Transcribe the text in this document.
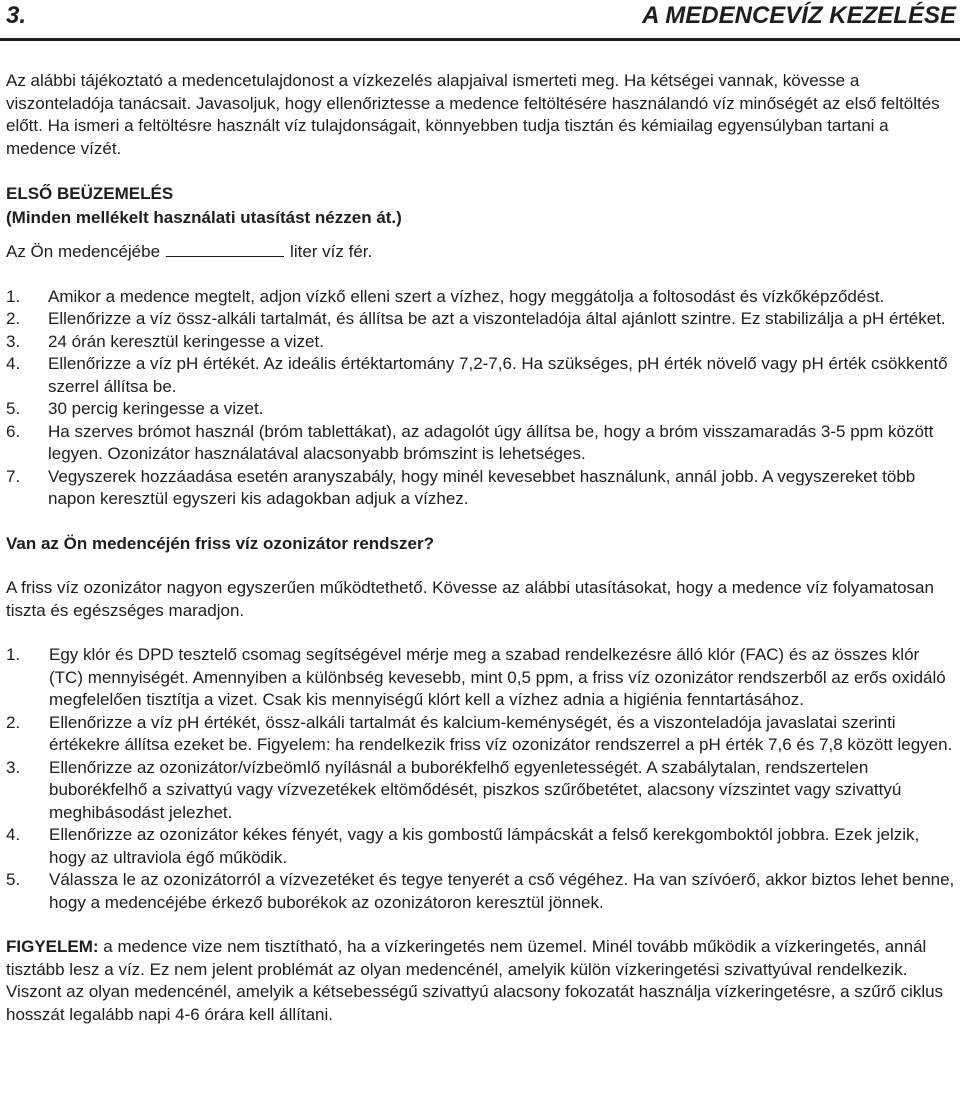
3.	A MEDENCEVÍZ KEZELÉSE

Az alábbi tájékoztató a medencetulajdonost a vízkezelés alapjaival ismerteti meg. Ha kétségei vannak, kövesse a viszonteladója tanácsait. Javasoljuk, hogy ellenőriztesse a medence feltöltésére használandó víz minőségét az első feltöltés előtt. Ha ismeri a feltöltésre használt víz tulajdonságait, könnyebben tudja tisztán és kémiailag egyensúlyban tartani a medence vízét.

ELSŐ BEÜZEMELÉS
(Minden mellékelt használati utasítást nézzen át.)

Az Ön medencéjébe	liter víz fér.

1. Amikor a medence megtelt, adjon vízkő elleni szert a vízhez, hogy meggátolja a foltosodást és vízkőképződést.
2. Ellenőrizze a víz össz-alkáli tartalmát, és állítsa be azt a viszonteladója által ajánlott szintre. Ez stabilizálja a pH értéket.
3. 24 órán keresztül keringesse a vizet.
4. Ellenőrizze a víz pH értékét. Az ideális értéktartomány 7,2-7,6. Ha szükséges, pH érték növelő vagy pH érték csökkentő szerrel állítsa be.
5. 30 percig keringesse a vizet.
6. Ha szerves brómot használ (bróm tablettákat), az adagolót úgy állítsa be, hogy a bróm visszamaradás 3-5 ppm között legyen. Ozonizátor használatával alacsonyabb brómszint is lehetséges.
7. Vegyszerek hozzáadása esetén aranyszabály, hogy minél kevesebbet használunk, annál jobb. A vegyszereket több napon keresztül egyszeri kis adagokban adjuk a vízhez.

Van az Ön medencéjén friss víz ozonizátor rendszer?

A friss víz ozonizátor nagyon egyszerűen működtethető. Kövesse az alábbi utasításokat, hogy a medence víz folyamatosan tiszta és egészséges maradjon.

1. Egy klór és DPD tesztelő csomag segítségével mérje meg a szabad rendelkezésre álló klór (FAC) és az összes klór (TC) mennyiségét. Amennyiben a különbség kevesebb, mint 0,5 ppm, a friss víz ozonizátor rendszerből az erős oxidáló megfelelően tisztítja a vizet. Csak kis mennyiségű klórt kell a vízhez adnia a higiénia fenntartásához.
2. Ellenőrizze a víz pH értékét, össz-alkáli tartalmát és kalcium-keménységét, és a viszonteladója javaslatai szerinti értékekre állítsa ezeket be. Figyelem: ha rendelkezik friss víz ozonizátor rendszerrel a pH érték 7,6 és 7,8 között legyen.
3. Ellenőrizze az ozonizátor/vízbeömlő nyílásnál a buborékfelhő egyenletességét. A szabálytalan, rendszertelen buborékfelhő a szivattyú vagy vízvezetékek eltömődését, piszkos szűrőbetétet, alacsony vízszintet vagy szivattyú meghibásodást jelezhet.
4. Ellenőrizze az ozonizátor kékes fényét, vagy a kis gombostű lámpácskát a felső kerekgomboktól jobbra. Ezek jelzik, hogy az ultraviola égő működik.
5. Válassza le az ozonizátorról a vízvezetéket és tegye tenyerét a cső végéhez. Ha van szívóerő, akkor biztos lehet benne, hogy a medencéjébe érkező buborékok az ozonizátoron keresztül jönnek.

FIGYELEM: a medence vize nem tisztítható, ha a vízkeringetés nem üzemel. Minél tovább működik a vízkeringetés, annál tisztább lesz a víz. Ez nem jelent problémát az olyan medencénél, amelyik külön vízkeringetési szivattyúval rendelkezik. Viszont az olyan medencénél, amelyik a kétsebességű szivattyú alacsony fokozatát használja vízkeringetésre, a szűrő ciklus hosszát legalább napi 4-6 órára kell állítani.
